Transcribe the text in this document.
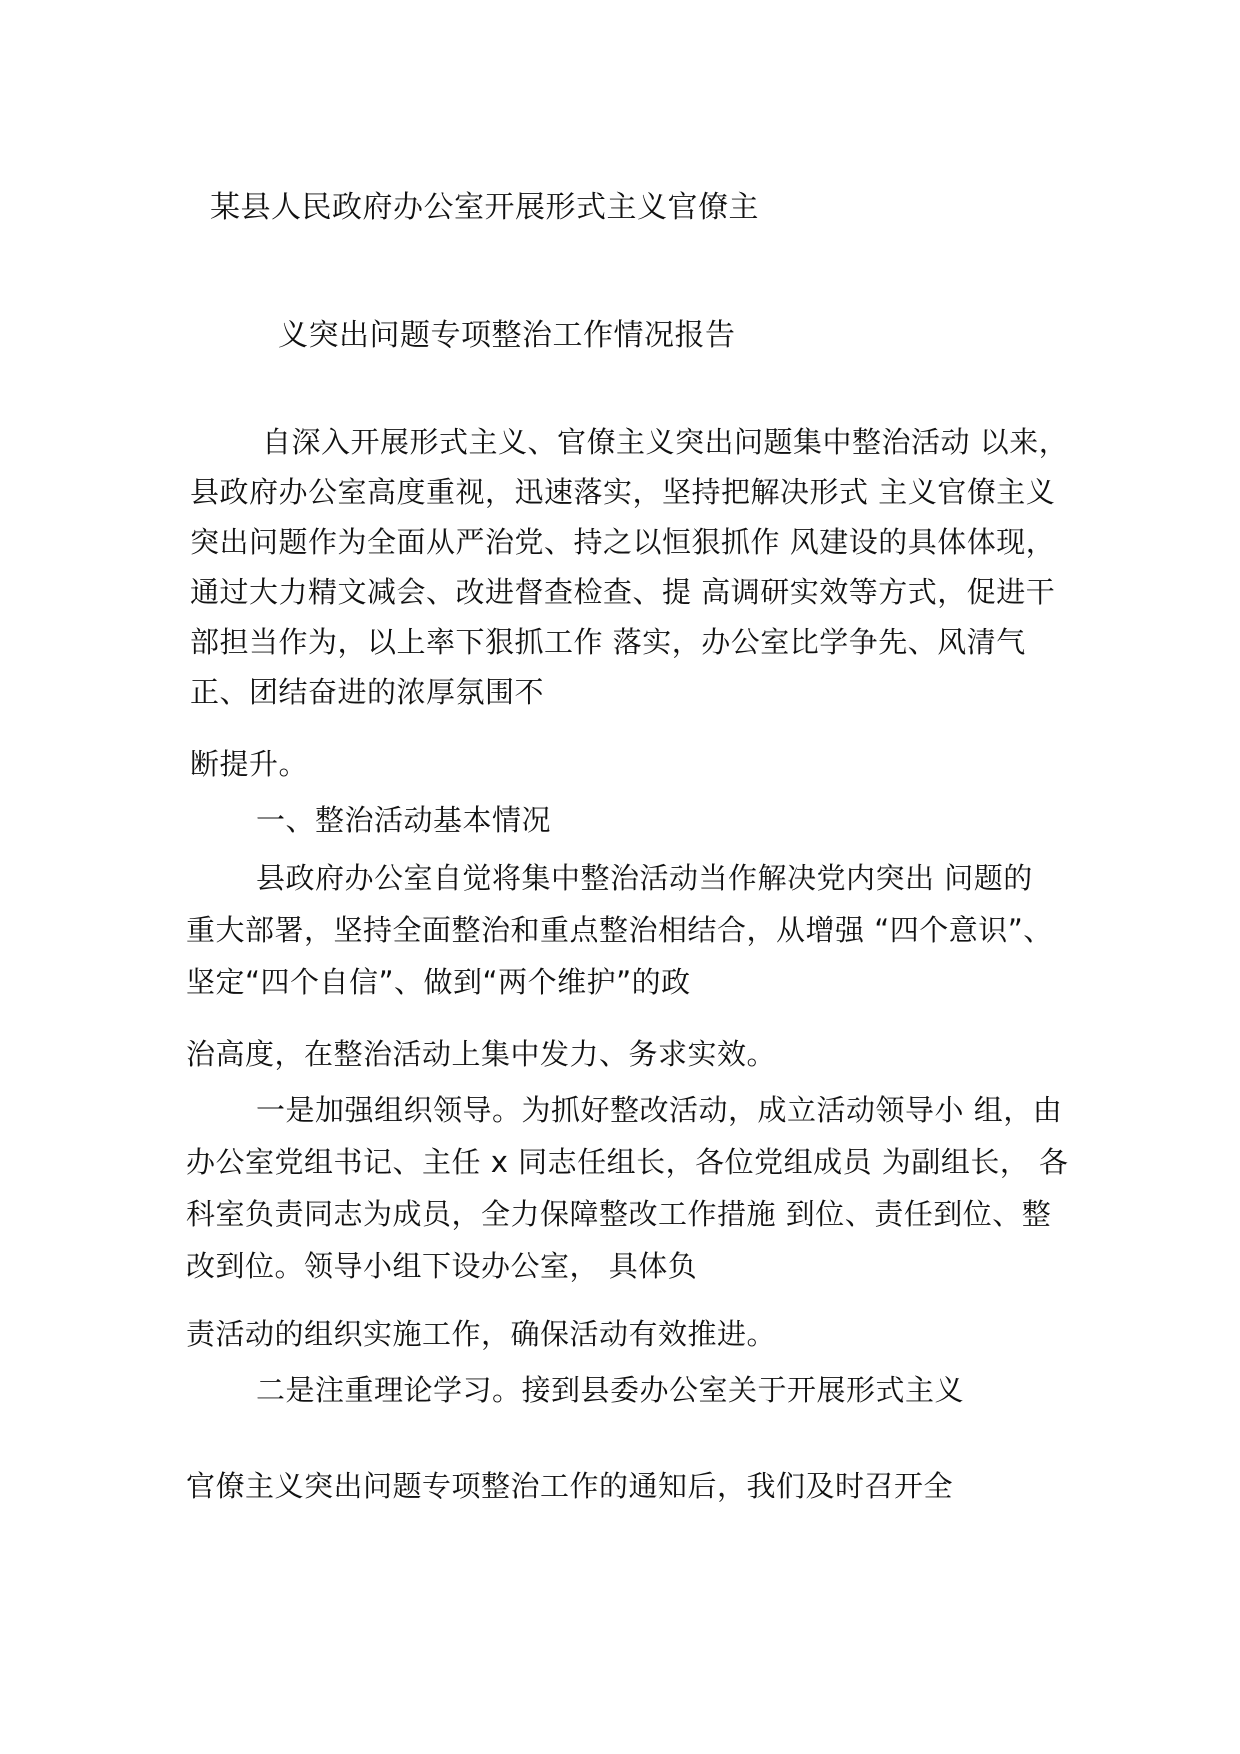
某县人民政府办公室开展形式主义官僚主

义突出问题专项整治工作情况报告

自深入开展形式主义、官僚主义突出问题集中整治活动 以来，

县政府办公室高度重视，迅速落实，坚持把解决形式 主义官僚主义

突出问题作为全面从严治党、持之以恒狠抓作 风建设的具体体现，

通过大力精文减会、改进督查检查、提 高调研实效等方式，促进干

部担当作为，以上率下狠抓工作 落实，办公室比学争先、风清气

正、团结奋进的浓厚氛围不

断提升。

一、整治活动基本情况

县政府办公室自觉将集中整治活动当作解决党内突出 问题的

重大部署，坚持全面整治和重点整治相结合，从增强 “四个意识”、

坚定“四个自信”、做到“两个维护”的政

治高度，在整治活动上集中发力、务求实效。

一是加强组织领导。为抓好整改活动，成立活动领导小 组，由

办公室党组书记、主任 x 同志任组长，各位党组成员 为副组长， 各

科室负责同志为成员，全力保障整改工作措施 到位、责任到位、整

改到位。领导小组下设办公室， 具体负

责活动的组织实施工作，确保活动有效推进。

二是注重理论学习。接到县委办公室关于开展形式主义

官僚主义突出问题专项整治工作的通知后，我们及时召开全
